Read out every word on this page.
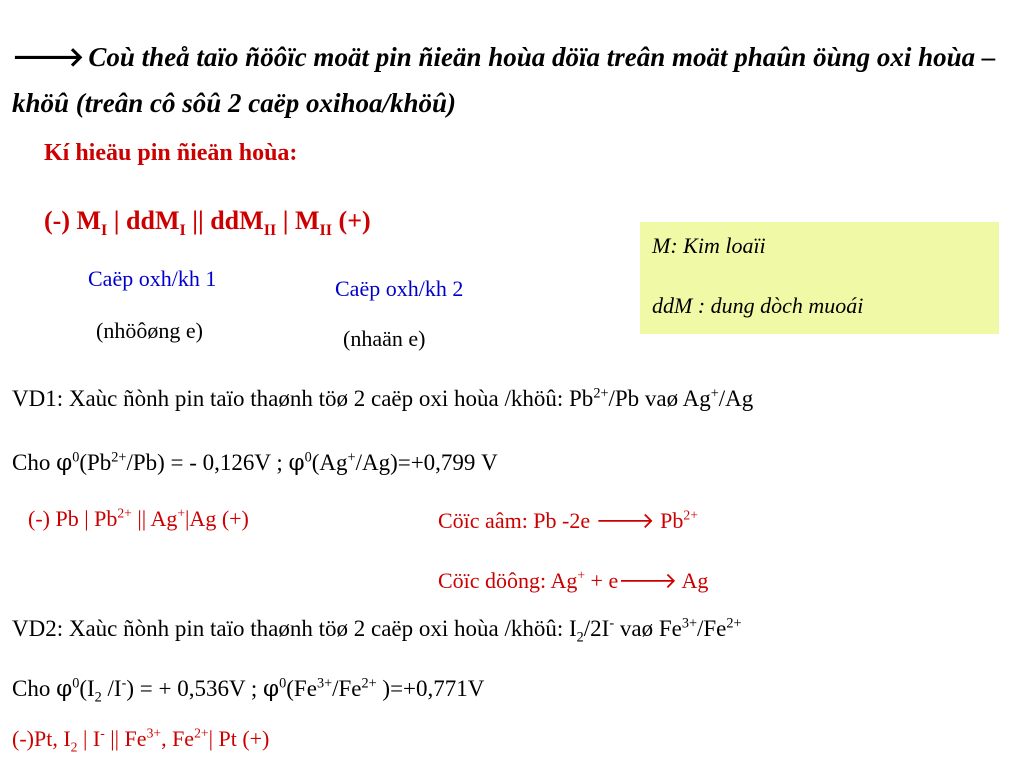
🡒 Coù theå taïo ñöôïc moät pin ñieän hoùa döïa treân moät phaûn öùng oxi hoùa – khöû (treân cô sôû 2 caëp oxihoa/khöû)
Kí hieäu pin ñieän hoùa:
(-) $M_I$ | ddM$_I$ || ddM$_{II}$ | $M_{II}$ (+)
Caëp oxh/kh 1
(nhöôøng e)
Caëp oxh/kh 2
(nhaän e)
M: Kim loaïi
ddM : dung dòch muoái
VD1: Xaùc ñònh pin taïo thaønh töø 2 caëp oxi hoùa /khöû: $Pb^{2+}/Pb$ vaø Ag+/Ag
Cho $\varphi^0(Pb^{2+}/Pb)$ = - 0,126V ; $\varphi^0(Ag^+/Ag)=+0,799$ V
(-) Pb | $Pb^{2+}$ || Ag+|Ag (+)	Cöïc aâm: Pb -2e 🡒 $Pb^{2+}$
Cöïc döông: Ag+ + e🡒 Ag
VD2: Xaùc ñònh pin taïo thaønh töø 2 caëp oxi hoùa /khöû: $I_2/2I^-$ vaø $Fe^{3+}/Fe^{2+}$
Cho $\varphi^0(I_2$ /I-) = + 0,536V ; $\varphi^0(Fe^{3+}/Fe^{2+}$ )=+0,771V
(-)Pt, $I_2$ | I- || $Fe^{3+}$, $Fe^{2+}|$ Pt (+)
